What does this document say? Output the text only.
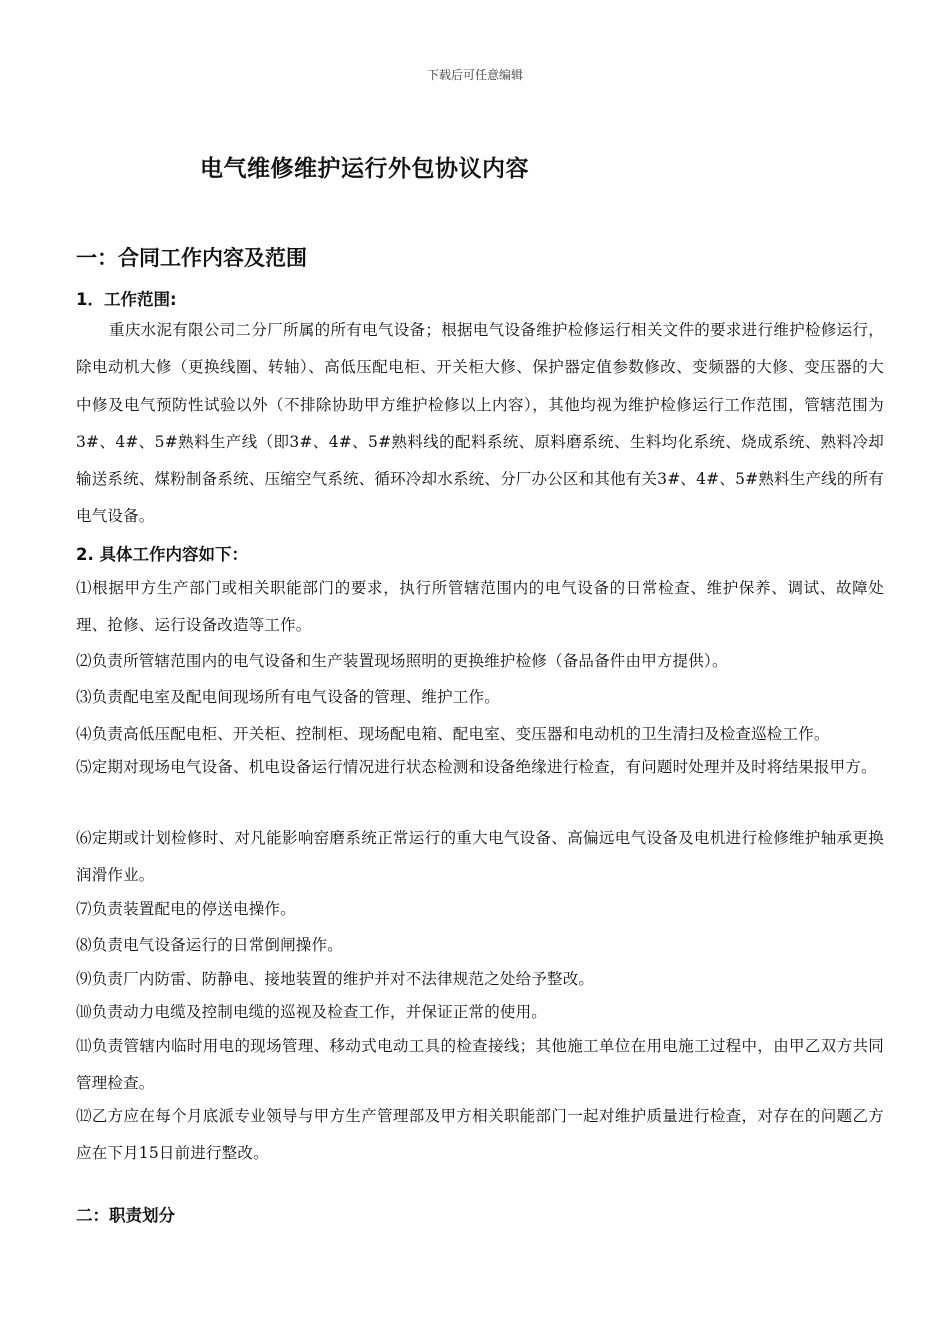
下载后可任意编辑
电气维修维护运行外包协议内容
一：合同工作内容及范围
1．工作范围:
重庆水泥有限公司二分厂所属的所有电气设备；根据电气设备维护检修运行相关文件的要求进行维护检修运行，除电动机大修（更换线圈、转轴）、高低压配电柜、开关柜大修、保护器定值参数修改、变频器的大修、变压器的大中修及电气预防性试验以外（不排除协助甲方维护检修以上内容），其他均视为维护检修运行工作范围，管辖范围为3#、4#、5#熟料生产线（即3#、4#、5#熟料线的配料系统、原料磨系统、生料均化系统、烧成系统、熟料冷却输送系统、煤粉制备系统、压缩空气系统、循环冷却水系统、分厂办公区和其他有关3#、4#、5#熟料生产线的所有电气设备。
2. 具体工作内容如下：
⑴根据甲方生产部门或相关职能部门的要求，执行所管辖范围内的电气设备的日常检查、维护保养、调试、故障处理、抢修、运行设备改造等工作。
⑵负责所管辖范围内的电气设备和生产装置现场照明的更换维护检修（备品备件由甲方提供）。
⑶负责配电室及配电间现场所有电气设备的管理、维护工作。
⑷负责高低压配电柜、开关柜、控制柜、现场配电箱、配电室、变压器和电动机的卫生清扫及检查巡检工作。
⑸定期对现场电气设备、机电设备运行情况进行状态检测和设备绝缘进行检查，有问题时处理并及时将结果报甲方。
⑹定期或计划检修时、对凡能影响窑磨系统正常运行的重大电气设备、高偏远电气设备及电机进行检修维护轴承更换润滑作业。
⑺负责装置配电的停送电操作。
⑻负责电气设备运行的日常倒闸操作。
⑼负责厂内防雷、防静电、接地装置的维护并对不法律规范之处给予整改。
⑽负责动力电缆及控制电缆的巡视及检查工作，并保证正常的使用。
⑾负责管辖内临时用电的现场管理、移动式电动工具的检查接线；其他施工单位在用电施工过程中，由甲乙双方共同管理检查。
⑿乙方应在每个月底派专业领导与甲方生产管理部及甲方相关职能部门一起对维护质量进行检查，对存在的问题乙方应在下月15日前进行整改。
二：职责划分
